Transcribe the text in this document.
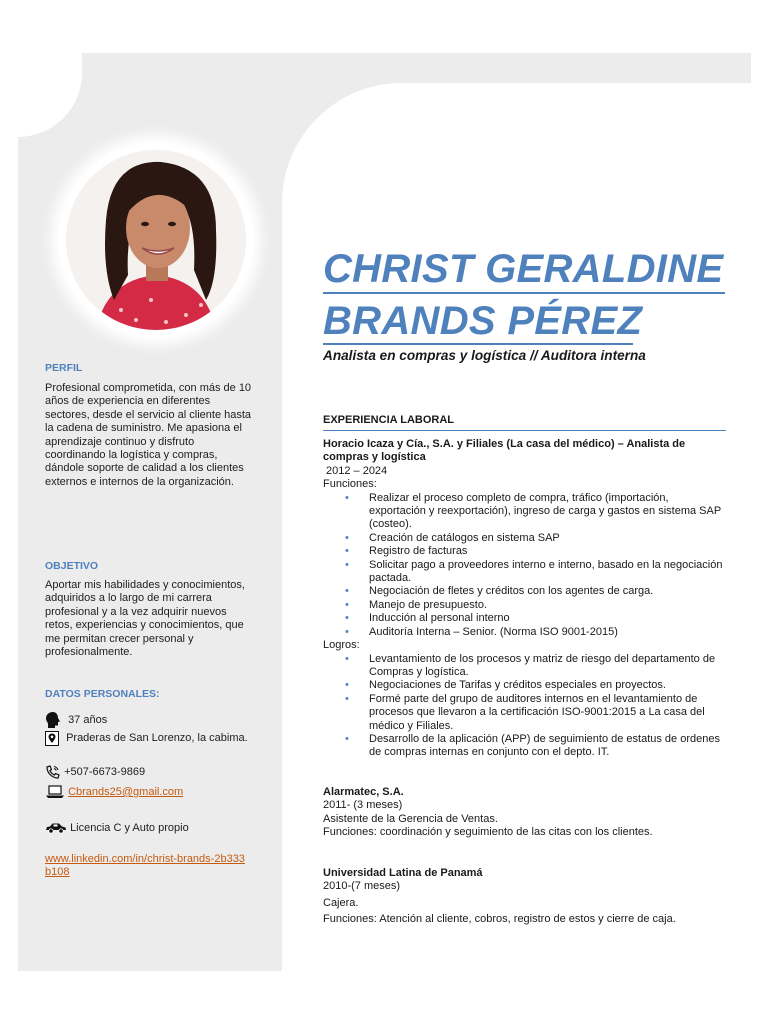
PERFIL
Profesional comprometida, con más de 10 años de experiencia en diferentes sectores, desde el servicio al cliente hasta la cadena de suministro. Me apasiona el aprendizaje continuo y disfruto coordinando la logística y compras, dándole soporte de calidad a los clientes externos e internos de la organización.
OBJETIVO
Aportar mis habilidades y conocimientos, adquiridos a lo largo de mi carrera profesional y a la vez adquirir nuevos retos, experiencias y conocimientos, que me permitan crecer personal y profesionalmente.
DATOS PERSONALES:
37 años
Praderas de San Lorenzo, la cabima.
+507-6673-9869
Cbrands25@gmail.com
Licencia C y Auto propio
www.linkedin.com/in/christ-brands-2b333b108
CHRIST GERALDINE
BRANDS PÉREZ
Analista en compras y logística // Auditora interna
EXPERIENCIA LABORAL
Horacio Icaza y Cía., S.A. y Filiales (La casa del médico) – Analista de compras y logística
2012 – 2024
Funciones:
• Realizar el proceso completo de compra, tráfico (importación, exportación y reexportación), ingreso de carga y gastos en sistema SAP (costeo).
• Creación de catálogos en sistema SAP
• Registro de facturas
• Solicitar pago a proveedores interno e interno, basado en la negociación pactada.
• Negociación de fletes y créditos con los agentes de carga.
• Manejo de presupuesto.
• Inducción al personal interno
• Auditoría Interna – Senior. (Norma ISO 9001-2015)
Logros:
• Levantamiento de los procesos y matriz de riesgo del departamento de Compras y logística.
• Negociaciones de Tarifas y créditos especiales en proyectos.
• Formé parte del grupo de auditores internos en el levantamiento de procesos que llevaron a la certificación ISO-9001:2015 a La casa del médico y Filiales.
• Desarrollo de la aplicación (APP) de seguimiento de estatus de ordenes de compras internas en conjunto con el depto. IT.
Alarmatec, S.A.
2011- (3 meses)
Asistente de la Gerencia de Ventas.
Funciones: coordinación y seguimiento de las citas con los clientes.
Universidad Latina de Panamá
2010-(7 meses)
Cajera.
Funciones: Atención al cliente, cobros, registro de estos y cierre de caja.
